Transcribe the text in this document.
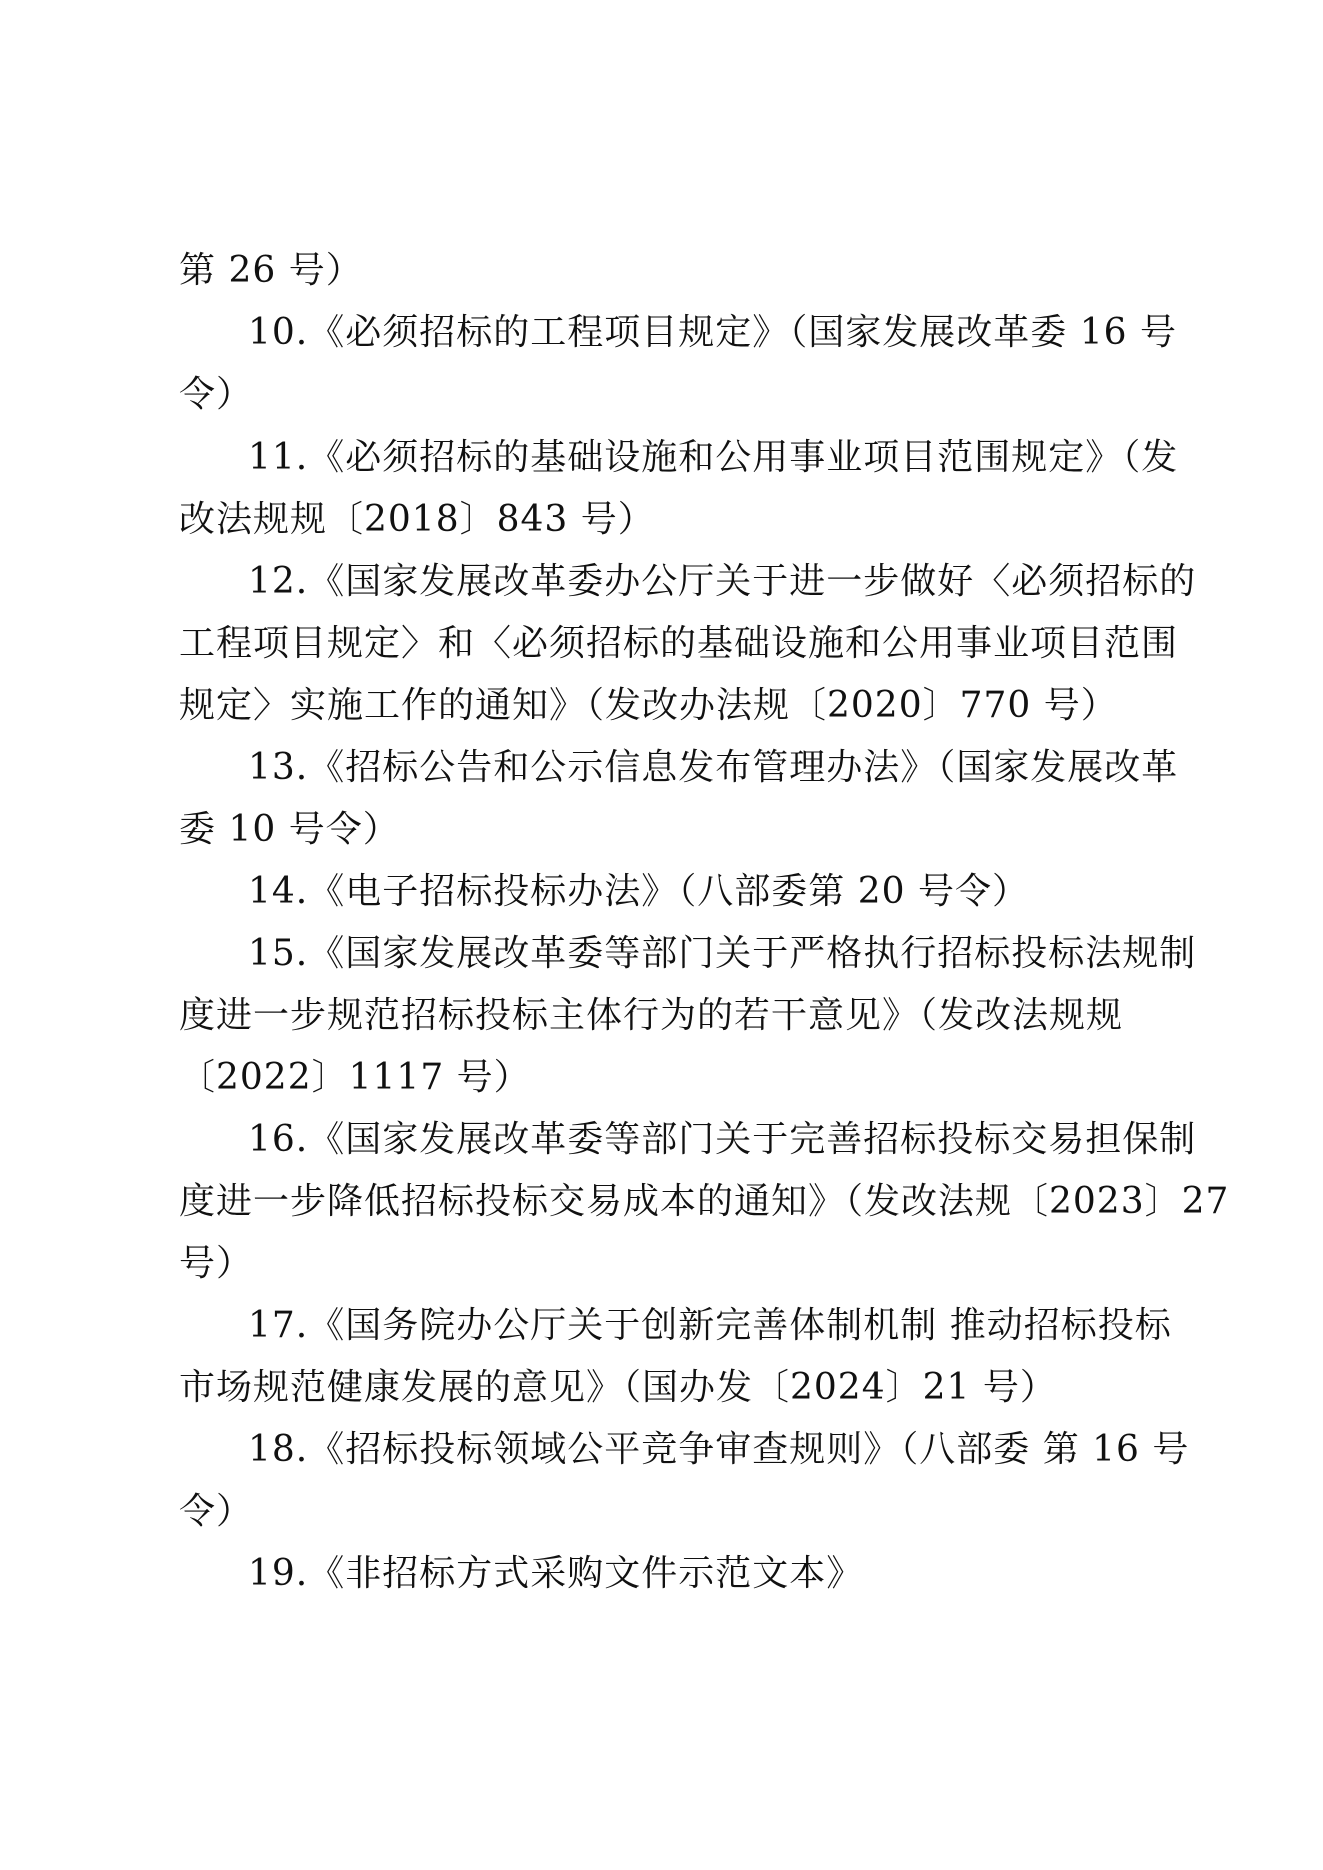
第 26 号）
10.《必须招标的工程项目规定》（国家发展改革委 16 号
令）
11.《必须招标的基础设施和公用事业项目范围规定》（发
改法规规〔2018〕843 号）
12.《国家发展改革委办公厅关于进一步做好〈必须招标的
工程项目规定〉和〈必须招标的基础设施和公用事业项目范围
规定〉实施工作的通知》（发改办法规〔2020〕770 号）
13.《招标公告和公示信息发布管理办法》（国家发展改革
委 10 号令）
14.《电子招标投标办法》（八部委第 20 号令）
15.《国家发展改革委等部门关于严格执行招标投标法规制
度进一步规范招标投标主体行为的若干意见》（发改法规规
〔2022〕1117 号）
16.《国家发展改革委等部门关于完善招标投标交易担保制
度进一步降低招标投标交易成本的通知》（发改法规〔2023〕27
号）
17.《国务院办公厅关于创新完善体制机制 推动招标投标
市场规范健康发展的意见》（国办发〔2024〕21 号）
18.《招标投标领域公平竞争审查规则》（八部委 第 16 号
令）
19.《非招标方式采购文件示范文本》
